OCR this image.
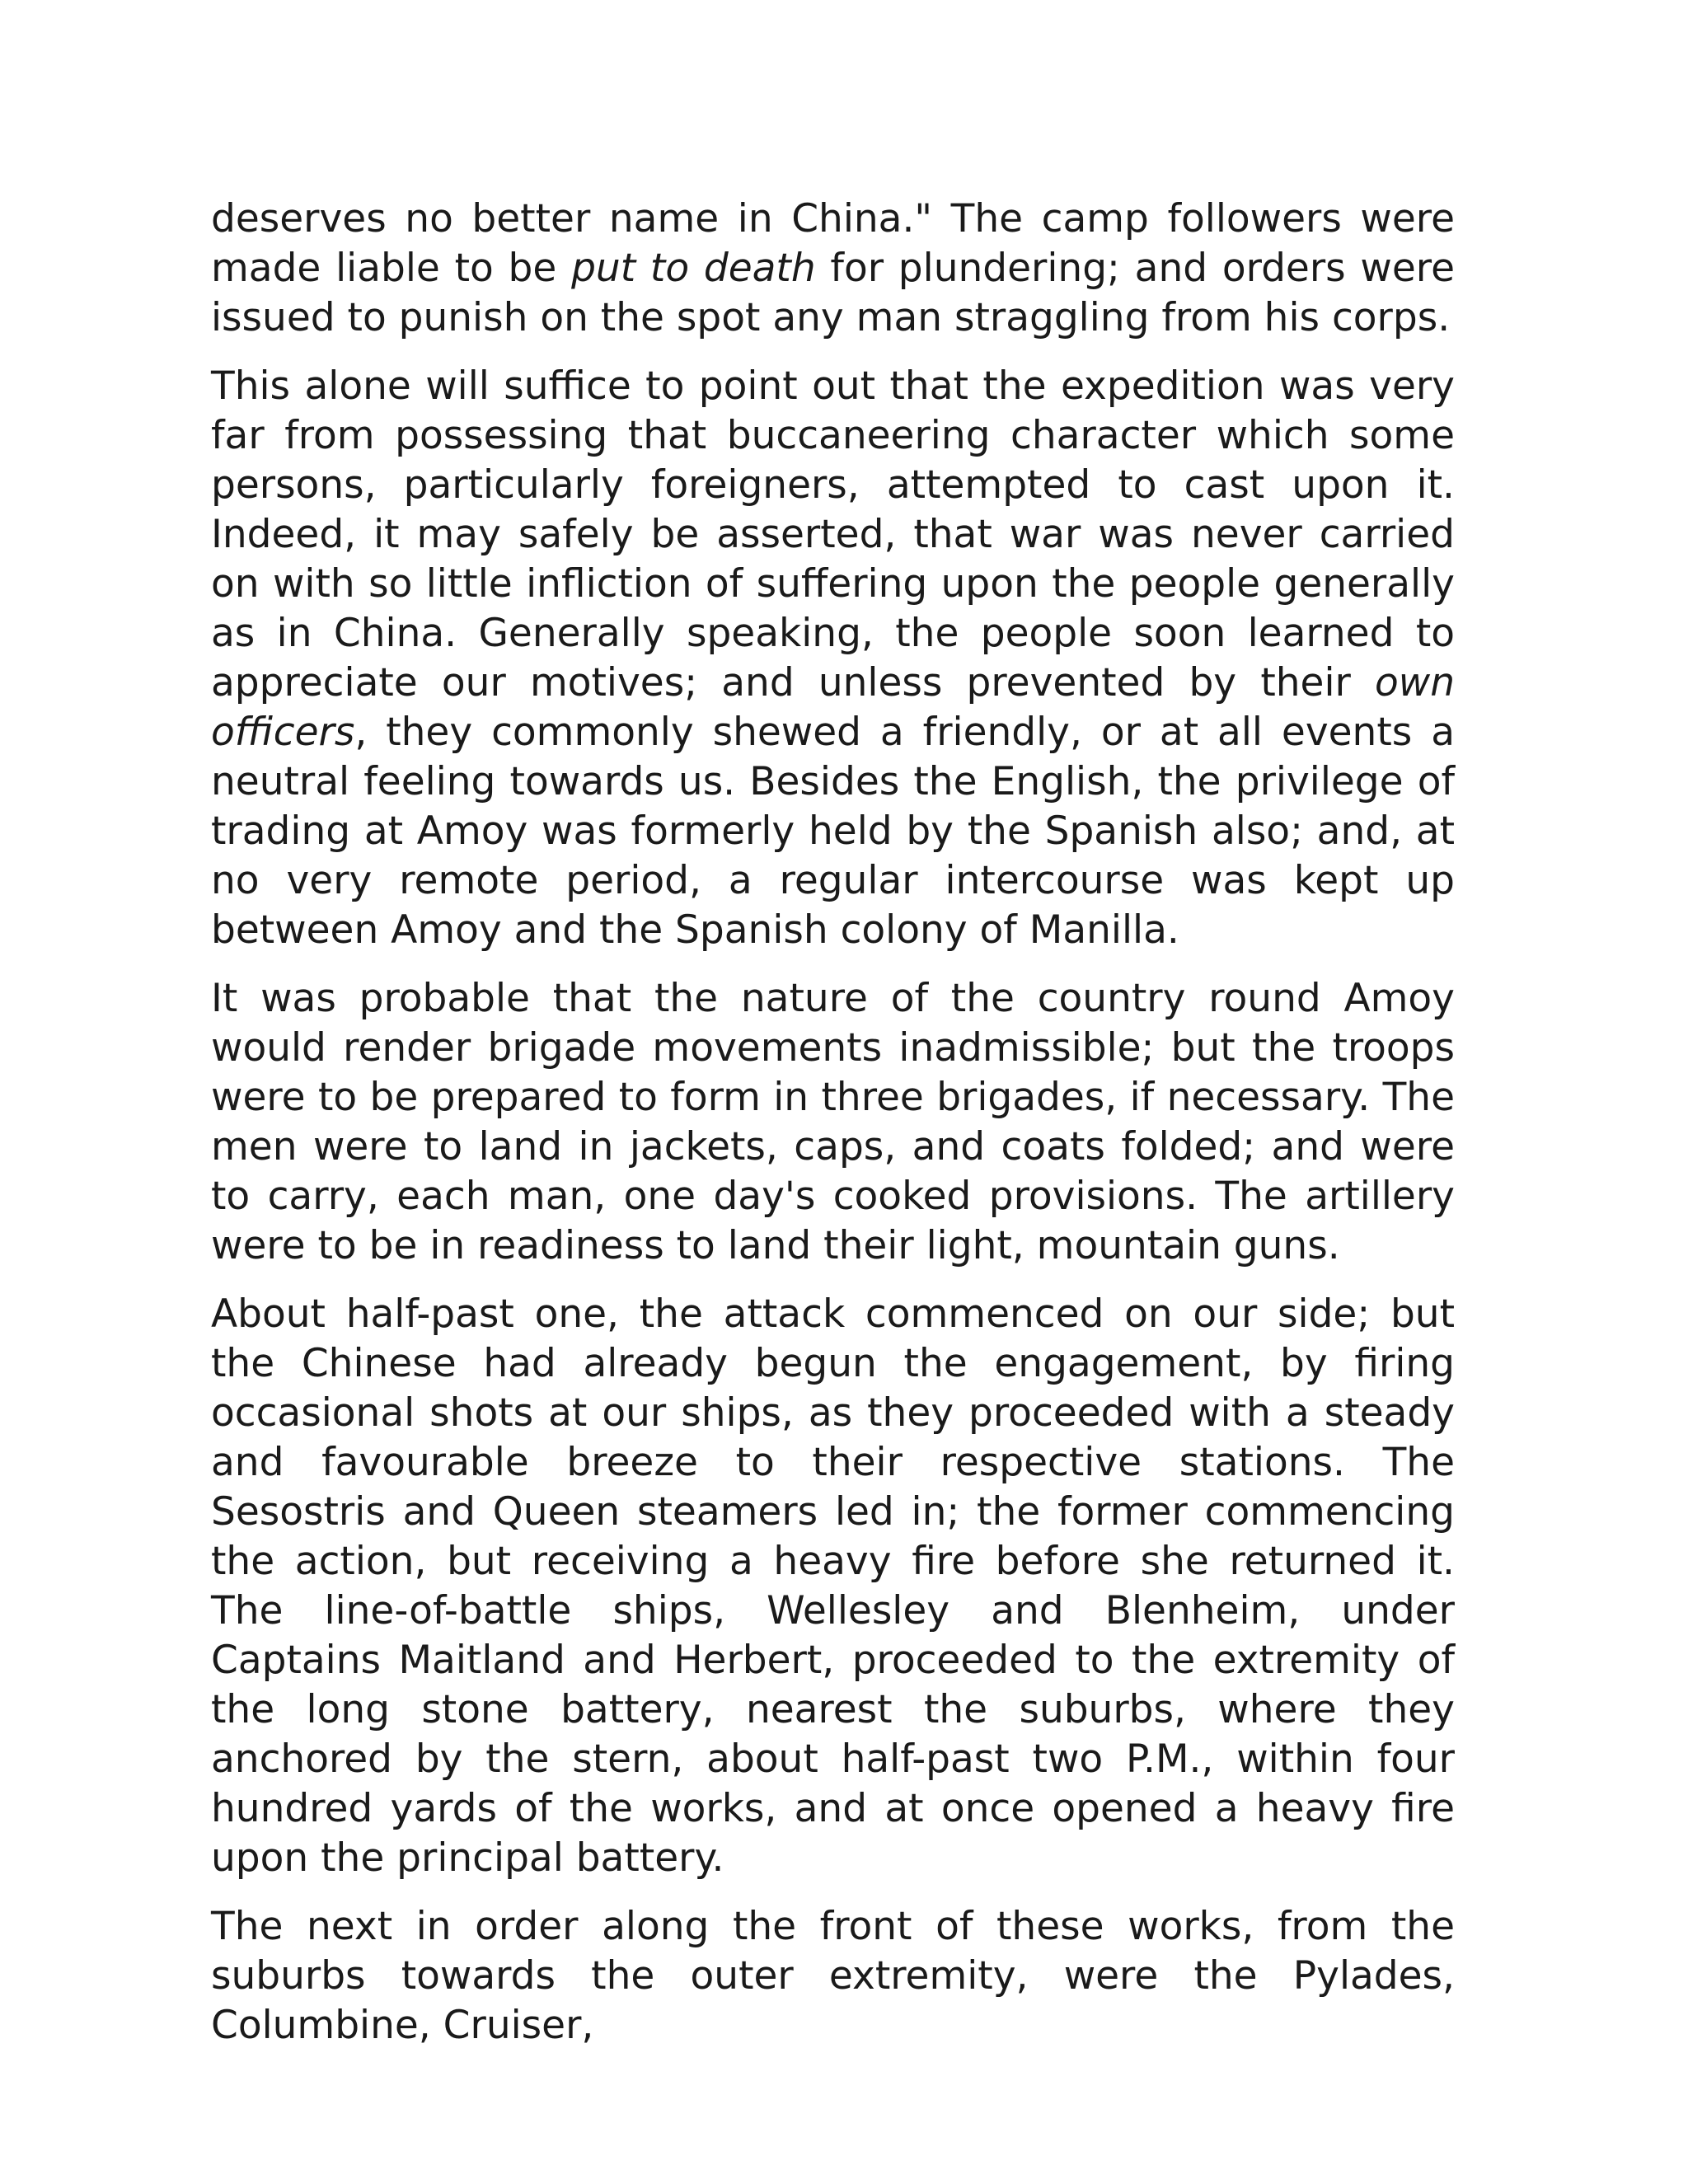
deserves no better name in China." The camp followers were made liable to be put to death for plundering; and orders were issued to punish on the spot any man straggling from his corps.

This alone will suffice to point out that the expedition was very far from possessing that buccaneering character which some persons, particularly foreigners, attempted to cast upon it. Indeed, it may safely be asserted, that war was never carried on with so little infliction of suffering upon the people generally as in China. Generally speaking, the people soon learned to appreciate our motives; and unless prevented by their own officers, they commonly shewed a friendly, or at all events a neutral feeling towards us. Besides the English, the privilege of trading at Amoy was formerly held by the Spanish also; and, at no very remote period, a regular intercourse was kept up between Amoy and the Spanish colony of Manilla.

It was probable that the nature of the country round Amoy would render brigade movements inadmissible; but the troops were to be prepared to form in three brigades, if necessary. The men were to land in jackets, caps, and coats folded; and were to carry, each man, one day's cooked provisions. The artillery were to be in readiness to land their light, mountain guns.

About half-past one, the attack commenced on our side; but the Chinese had already begun the engagement, by firing occasional shots at our ships, as they proceeded with a steady and favourable breeze to their respective stations. The Sesostris and Queen steamers led in; the former commencing the action, but receiving a heavy fire before she returned it. The line-of-battle ships, Wellesley and Blenheim, under Captains Maitland and Herbert, proceeded to the extremity of the long stone battery, nearest the suburbs, where they anchored by the stern, about half-past two P.M., within four hundred yards of the works, and at once opened a heavy fire upon the principal battery.

The next in order along the front of these works, from the suburbs towards the outer extremity, were the Pylades, Columbine, Cruiser,
